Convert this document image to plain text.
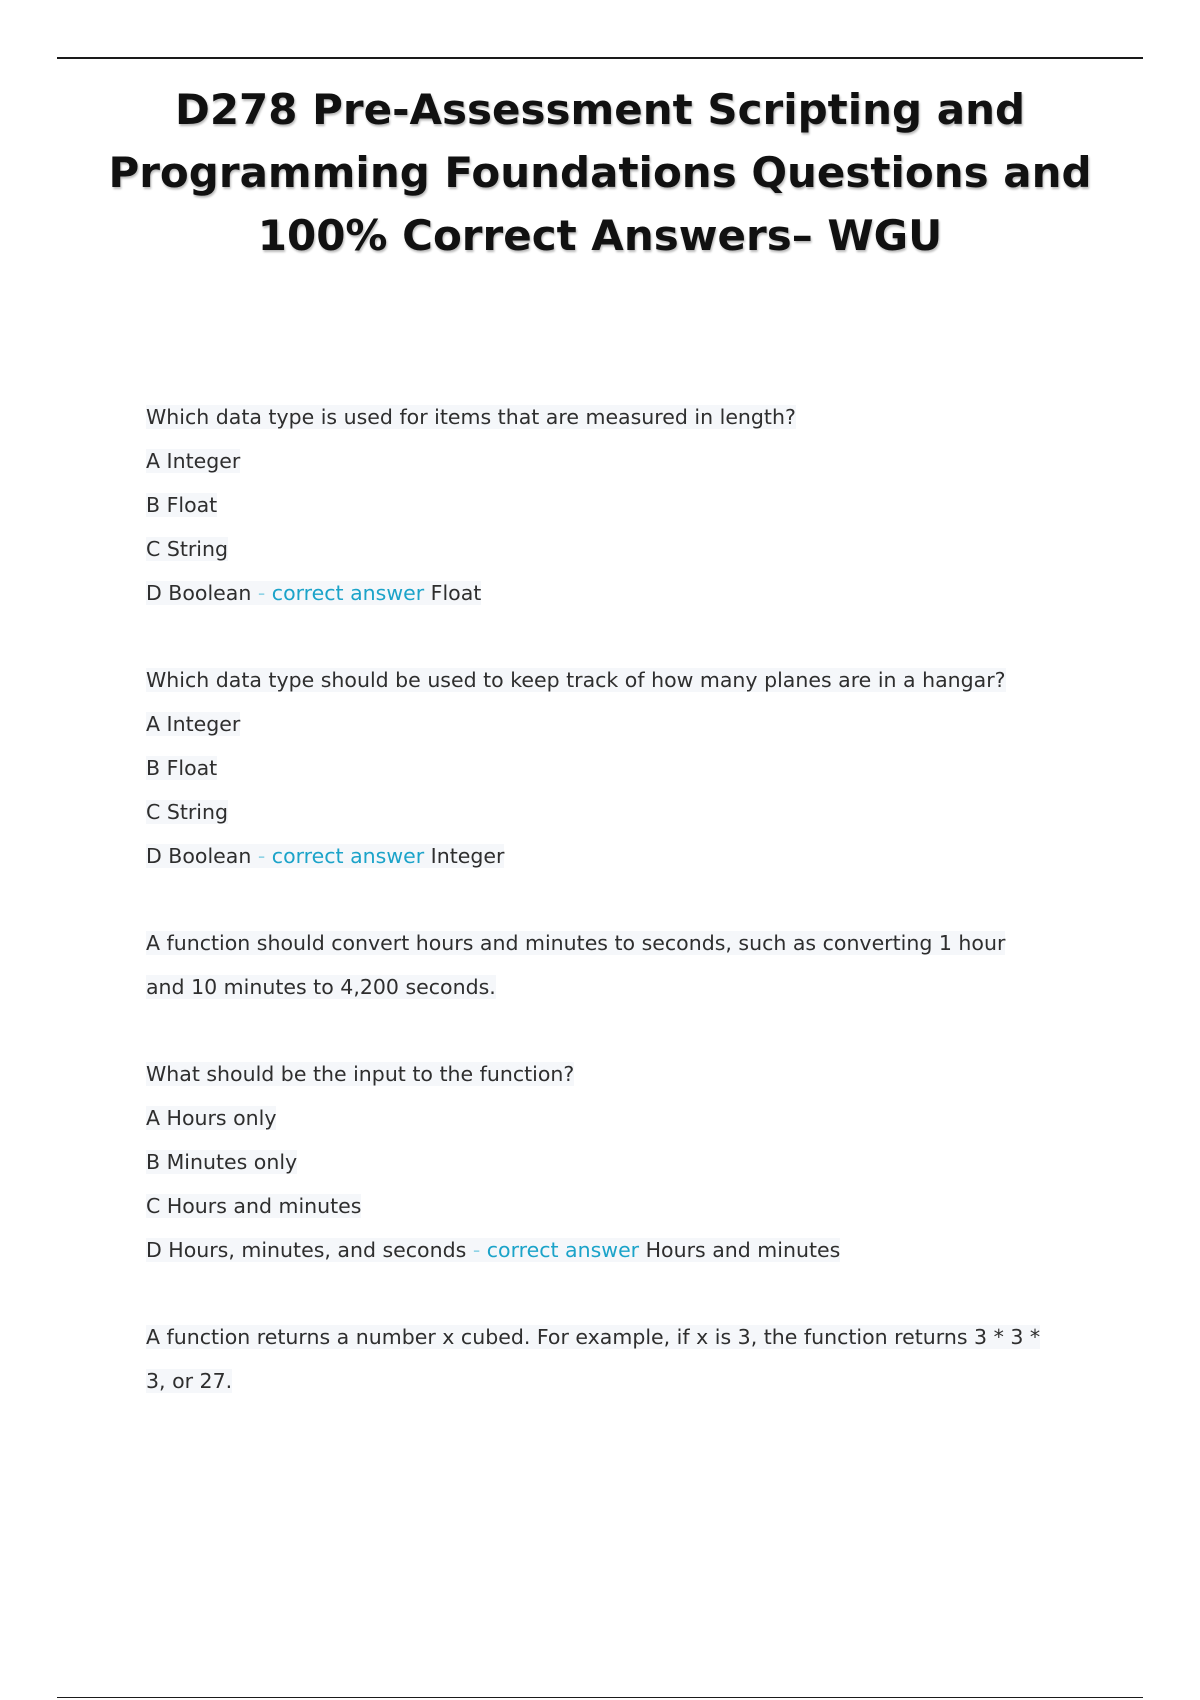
D278 Pre-Assessment Scripting and
Programming Foundations Questions and
100% Correct Answers– WGU
Which data type is used for items that are measured in length?
A Integer
B Float
C String
D Boolean - correct answer Float
Which data type should be used to keep track of how many planes are in a hangar?
A Integer
B Float
C String
D Boolean - correct answer Integer
A function should convert hours and minutes to seconds, such as converting 1 hour
and 10 minutes to 4,200 seconds.
What should be the input to the function?
A Hours only
B Minutes only
C Hours and minutes
D Hours, minutes, and seconds - correct answer Hours and minutes
A function returns a number x cubed. For example, if x is 3, the function returns 3 * 3 *
3, or 27.
